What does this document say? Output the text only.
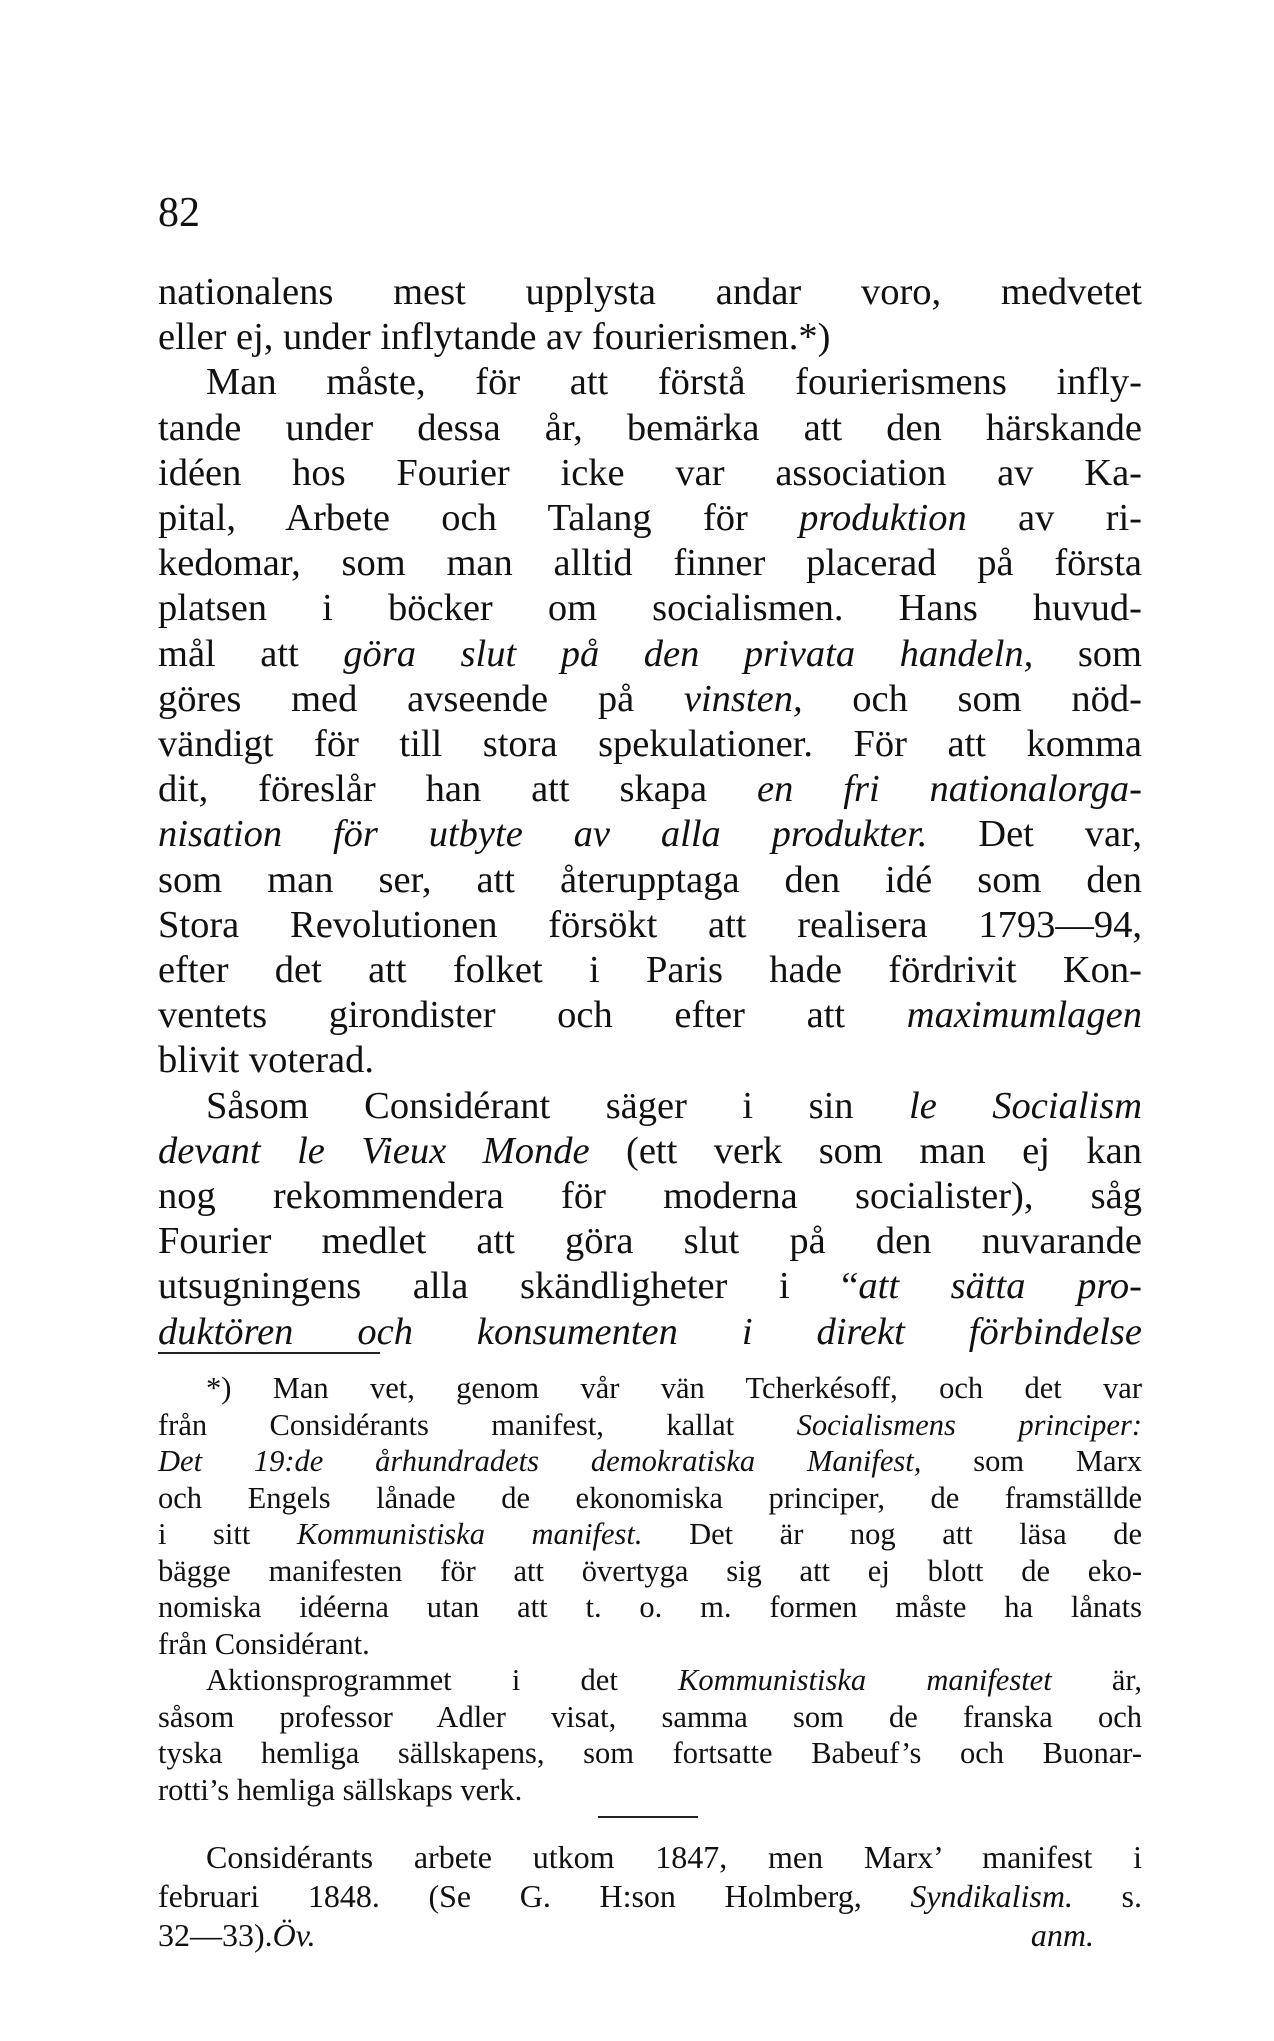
82
nationalens mest upplysta andar voro, medvetet
eller ej, under inflytande av fourierismen.*)
Man måste, för att förstå fourierismens infly-
tande under dessa år, bemärka att den härskande
idéen hos Fourier icke var association av Ka-
pital, Arbete och Talang för produktion av ri-
kedomar, som man alltid finner placerad på första
platsen i böcker om socialismen. Hans huvud-
mål att göra slut på den privata handeln, som
göres med avseende på vinsten, och som nöd-
vändigt för till stora spekulationer. För att komma
dit, föreslår han att skapa en fri nationalorga-
nisation för utbyte av alla produkter. Det var,
som man ser, att återupptaga den idé som den
Stora Revolutionen försökt att realisera 1793—94,
efter det att folket i Paris hade fördrivit Kon-
ventets girondister och efter att maximumlagen
blivit voterad.
Såsom Considérant säger i sin le Socialism
devant le Vieux Monde (ett verk som man ej kan
nog rekommendera för moderna socialister), såg
Fourier medlet att göra slut på den nuvarande
utsugningens alla skändligheter i “att sätta pro-
duktören och konsumenten i direkt förbindelse
*) Man vet, genom vår vän Tcherkésoff, och det var
från Considérants manifest, kallat Socialismens principer:
Det 19:de århundradets demokratiska Manifest, som Marx
och Engels lånade de ekonomiska principer, de framställde
i sitt Kommunistiska manifest. Det är nog att läsa de
bägge manifesten för att övertyga sig att ej blott de eko-
nomiska idéerna utan att t. o. m. formen måste ha lånats
från Considérant.
Aktionsprogrammet i det Kommunistiska manifestet är,
såsom professor Adler visat, samma som de franska och
tyska hemliga sällskapens, som fortsatte Babeuf’s och Buonar-
rotti’s hemliga sällskaps verk.
Considérants arbete utkom 1847, men Marx’ manifest i
februari 1848. (Se G. H:son Holmberg, Syndikalism. s.
32—33).Öv. anm.
